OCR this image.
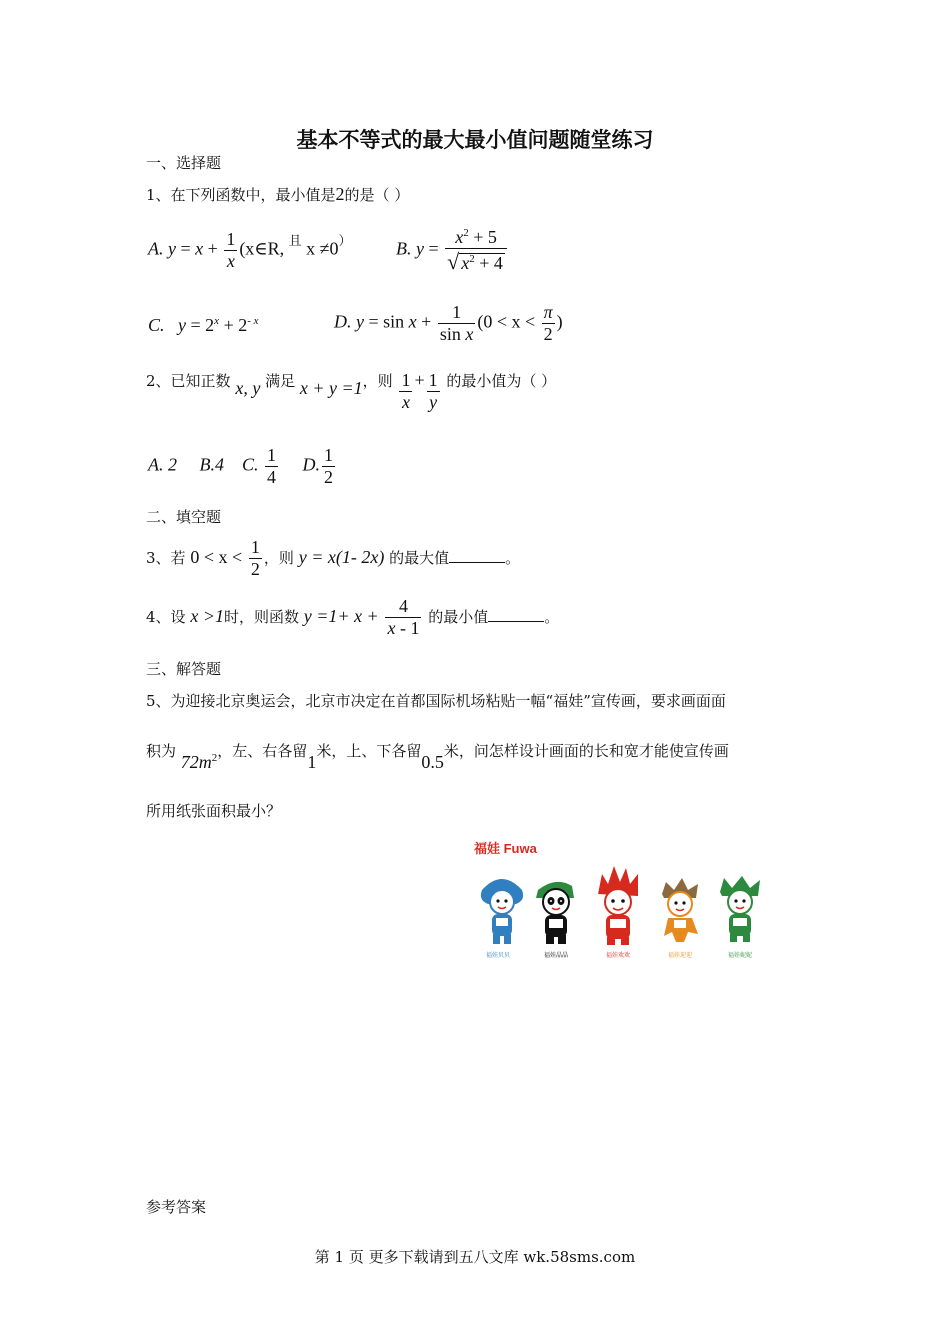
基本不等式的最大最小值问题随堂练习
一、选择题
1、在下列函数中，最小值是2的是（ ）
A. $y = x + \frac{1}{x}$ (x∈R, $^且$ x ≠0） B. $y = \frac{x^2 + 5}{√ x^2 + 4}$
C. $y = 2^x + 2^{- x}$	D. $y = \sin x + \frac{1}{\text{sin x}} (0 < x < \frac{\pi}{2}$ )
2、已知正数 x, y 满足 x + y =1，则 $\frac{1}{x} + \frac{1}{y}$ 的最小值为（ ）
A. 2 B.4 C. $\frac{1}{4} D$. $\frac{1}{2}$
二、填空题
3、若 $0 < x < \frac{1}{2}$ ，则 y = x(1- 2x) 的最大值	。
4、设 x >1时，则函数 $y =1+ x + \frac{4}{x - 1}$ 的最小值	。
三、解答题
5、为迎接北京奥运会，北京市决定在首都国际机场粘贴一幅“福娃”宣传画，要求画面面
积为 $72m^2$，左、右各留1米，上、下各留0.5米，问怎样设计画面的长和宽才能使宣传画
所用纸张面积最小？
福娃 Fuwa
福娃贝贝	福娃晶晶	福娃欢欢	福娃迎迎	福娃妮妮
参考答案
第 1 页 更多下载请到五八文库 wk.58sms.com
